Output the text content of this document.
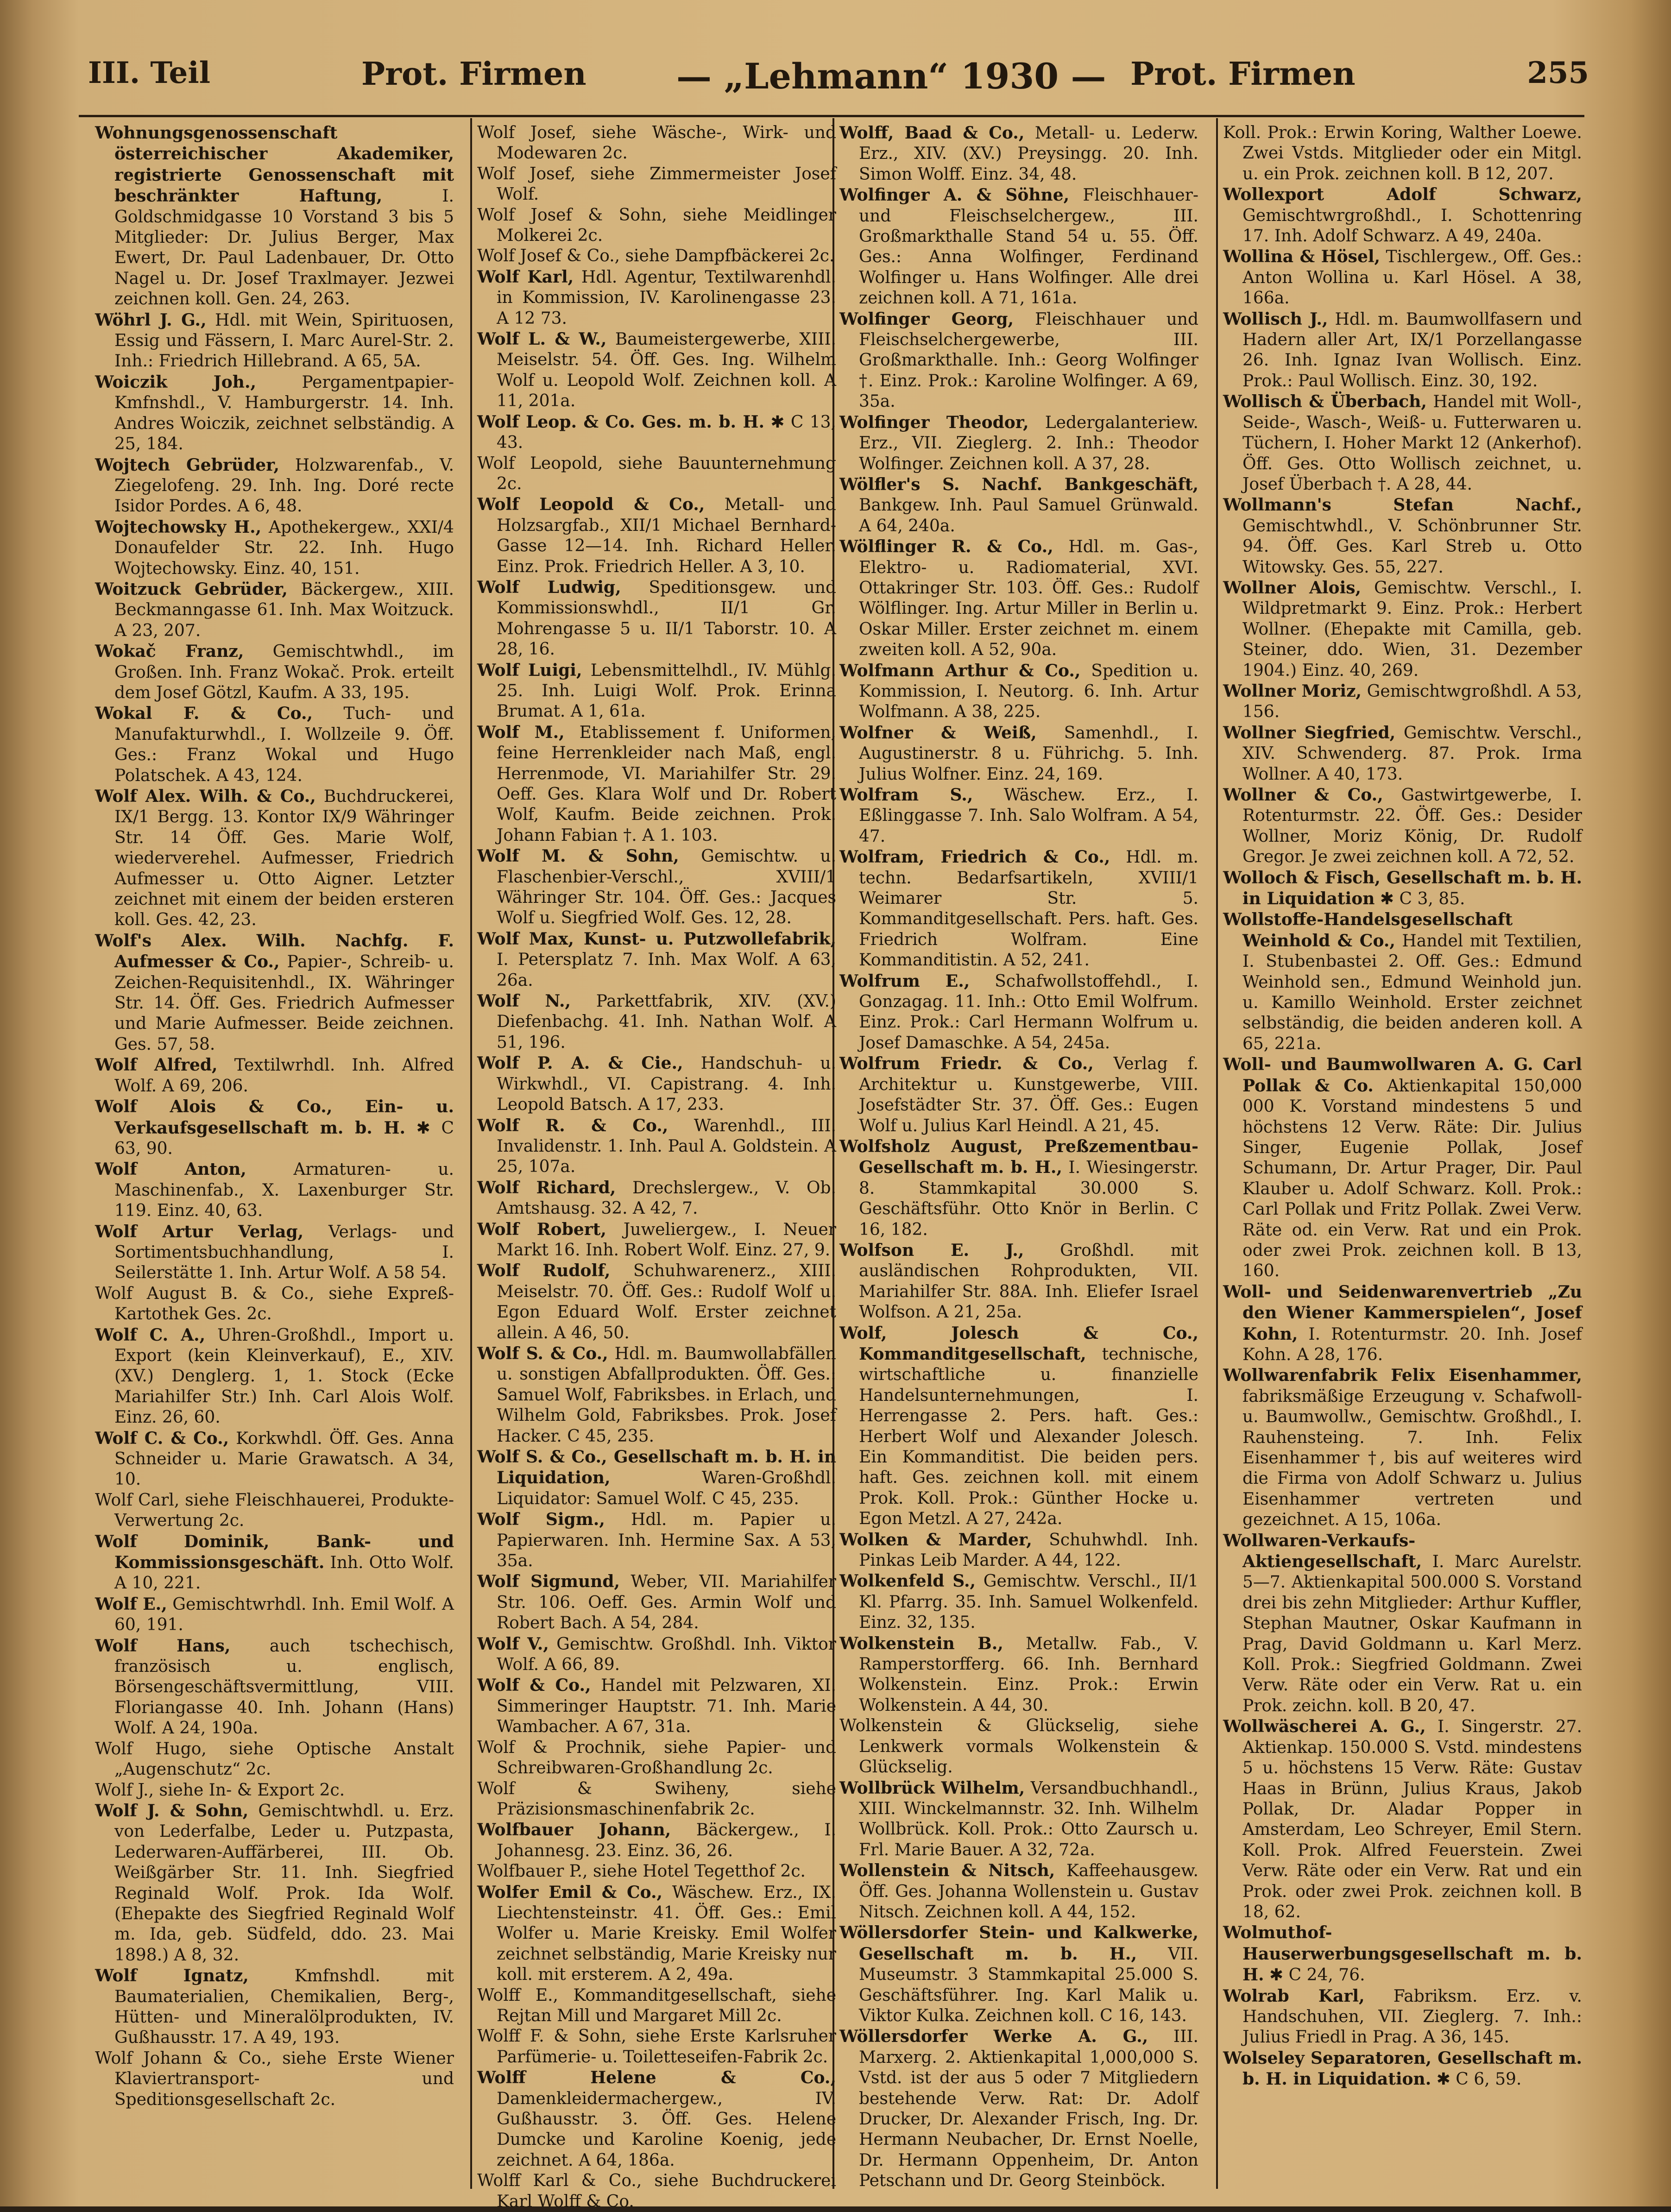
III. Teil	Prot. Firmen	— „Lehmann“ 1930 — Prot. Firmen	255

Wohnungsgenossenschaft österreichischer Akademiker, registrierte Genossenschaft mit beschränkter Haftung,	I. Goldschmidgasse 10 Vorstand 3 bis 5 Mitglieder: Dr. Julius Berger, Max Ewert, Dr. Paul Ladenbauer, Dr. Otto Nagel u. Dr. Josef Traxlmayer. Jezwei zeichnen koll. Gen. 24, 263.

Wöhrl J. G., Hdl. mit Wein, Spirituosen, Essig und Fässern, I. Marc Aurel-Str. 2. Inh.: Friedrich Hillebrand. A 65, 5A.

Woiczik Joh.,	Pergamentpapier-Kmfnshdl., V. Hamburgerstr. 14. Inh. Andres Woiczik, zeichnet selbständig. A 25, 184.

Wojtech Gebrüder, Holzwarenfab., V. Ziegelofeng. 29. Inh. Ing. Doré recte Isidor Pordes. A 6, 48.

Wojtechowsky H., Apothekergew., XXI/4 Donaufelder Str. 22. Inh. Hugo Wojtechowsky. Einz. 40, 151.

Woitzuck Gebrüder, Bäckergew., XIII. Beckmanngasse 61. Inh. Max Woitzuck. A 23, 207.

Wokač Franz, Gemischtwhdl., im Großen. Inh. Franz Wokač. Prok. erteilt dem Josef Götzl, Kaufm. A 33, 195.

Wokal F. & Co., Tuch- und Manufakturwhdl., I. Wollzeile 9. Öff. Ges.: Franz Wokal und Hugo Polatschek. A 43, 124.

Wolf Alex. Wilh. & Co., Buchdruckerei, IX/1 Bergg. 13. Kontor IX/9 Währinger Str. 14 Öff. Ges. Marie Wolf, wiederverehel. Aufmesser, Friedrich Aufmesser u. Otto Aigner. Letzter zeichnet mit einem der beiden ersteren koll. Ges. 42, 23.

Wolf's Alex. Wilh. Nachfg. F. Aufmesser & Co., Papier-, Schreib- u. Zeichen-Requisitenhdl., IX. Währinger Str. 14. Öff. Ges. Friedrich Aufmesser und Marie Aufmesser. Beide zeichnen. Ges. 57, 58.

Wolf Alfred, Textilwrhdl. Inh. Alfred Wolf. A 69, 206.

Wolf Alois & Co., Ein- u. Verkaufsgesellschaft m. b. H. ✱ C 63, 90.

Wolf Anton,	Armaturen- u. Maschinenfab., X. Laxenburger Str. 119. Einz. 40, 63.

Wolf Artur Verlag, Verlags- und Sortimentsbuchhandlung, I. Seilerstätte 1. Inh. Artur Wolf. A 58 54.

Wolf August B. & Co., siehe Expreß-Kartothek Ges. 2c.

Wolf C. A., Uhren-Großhdl., Import u. Export (kein Kleinverkauf), E., XIV. (XV.) Denglerg. 1, 1. Stock (Ecke Mariahilfer Str.) Inh. Carl Alois Wolf. Einz. 26, 60.

Wolf C. & Co., Korkwhdl. Öff. Ges. Anna Schneider u. Marie Grawatsch. A 34, 10.

Wolf Carl, siehe Fleischhauerei, Produkte-Verwertung 2c.

Wolf Dominik, Bank- und Kommissionsgeschäft. Inh. Otto Wolf. A 10, 221.

Wolf E., Gemischtwrhdl. Inh. Emil Wolf. A 60, 191.

Wolf Hans, auch tschechisch, französisch u. englisch, Börsengeschäftsvermittlung, VIII. Floriangasse 40. Inh. Johann (Hans) Wolf. A 24, 190a.

Wolf Hugo, siehe Optische Anstalt „Augenschutz“ 2c.

Wolf J., siehe In- & Export 2c.

Wolf J. & Sohn, Gemischtwhdl. u. Erz. von Lederfalbe, Leder u. Putzpasta, Lederwaren-Auffärberei, III. Ob. Weißgärber Str. 11. Inh. Siegfried Reginald Wolf. Prok. Ida Wolf. (Ehepakte des Siegfried Reginald Wolf m. Ida, geb. Südfeld, ddo. 23. Mai 1898.) A 8, 32.

Wolf Ignatz,	Kmfnshdl. mit Baumaterialien, Chemikalien, Berg-, Hütten- und Mineralölprodukten, IV. Gußhausstr. 17. A 49, 193.

Wolf Johann & Co., siehe Erste Wiener Klaviertransport- und Speditionsgesellschaft 2c.

Wolf Josef, siehe Wäsche-, Wirk- und Modewaren 2c.

Wolf Josef, siehe Zimmermeister Josef Wolf.

Wolf Josef & Sohn, siehe Meidlinger Molkerei 2c.

Wolf Josef & Co., siehe Dampfbäckerei 2c.

Wolf Karl, Hdl. Agentur, Textilwarenhdl. in Kommission, IV. Karolinengasse 23. A 12 73.

Wolf L. & W., Baumeistergewerbe, XIII. Meiselstr. 54. Öff. Ges. Ing. Wilhelm Wolf u. Leopold Wolf. Zeichnen koll. A 11, 201a.

Wolf Leop. & Co. Ges. m. b. H. ✱ C 13, 43.

Wolf Leopold, siehe Bauunternehmung 2c.

Wolf Leopold & Co., Metall- und Holzsargfab., XII/1 Michael Bernhard-Gasse 12—14. Inh. Richard Heller. Einz. Prok. Friedrich Heller. A 3, 10.

Wolf Ludwig, Speditionsgew. und Kommissionswhdl., II/1 Gr. Mohrengasse 5 u. II/1 Taborstr. 10. A 28, 16.

Wolf Luigi, Lebensmittelhdl., IV. Mühlg. 25. Inh. Luigi Wolf. Prok. Erinna Brumat. A 1, 61a.

Wolf M., Etablissement f. Uniformen, feine Herrenkleider nach Maß, engl. Herrenmode, VI. Mariahilfer Str. 29. Oeff. Ges. Klara Wolf und Dr. Robert Wolf, Kaufm. Beide zeichnen. Prok. Johann Fabian †. A 1. 103.

Wolf M. & Sohn, Gemischtw. u. Flaschenbier-Verschl., XVIII/1 Währinger Str. 104. Öff. Ges.: Jacques Wolf u. Siegfried Wolf. Ges. 12, 28.

Wolf Max, Kunst- u. Putzwollefabrik, I. Petersplatz 7. Inh. Max Wolf. A 63, 26a.

Wolf N., Parkettfabrik, XIV. (XV.) Diefenbachg. 41. Inh. Nathan Wolf. A 51, 196.

Wolf P. A. & Cie., Handschuh- u. Wirkwhdl., VI. Capistrang. 4. Inh. Leopold Batsch. A 17, 233.

Wolf R. & Co., Warenhdl., III. Invalidenstr. 1. Inh. Paul A. Goldstein. A 25, 107a.

Wolf Richard, Drechslergew., V. Ob. Amtshausg. 32. A 42, 7.

Wolf Robert, Juweliergew., I. Neuer Markt 16. Inh. Robert Wolf. Einz. 27, 9.

Wolf Rudolf, Schuhwarenerz., XIII. Meiselstr. 70. Öff. Ges.: Rudolf Wolf u. Egon Eduard Wolf. Erster zeichnet allein. A 46, 50.

Wolf S. & Co., Hdl. m. Baumwollabfällen u. sonstigen Abfallprodukten. Öff. Ges.: Samuel Wolf, Fabriksbes. in Erlach, und Wilhelm Gold, Fabriksbes. Prok. Josef Hacker. C 45, 235.

Wolf S. & Co., Gesellschaft m. b. H. in Liquidation,	Waren-Großhdl. Liquidator: Samuel Wolf. C 45, 235.

Wolf Sigm., Hdl. m. Papier u. Papierwaren. Inh. Hermine Sax. A 53, 35a.

Wolf Sigmund, Weber, VII. Mariahilfer Str. 106. Oeff. Ges. Armin Wolf und Robert Bach. A 54, 284.

Wolf V., Gemischtw. Großhdl. Inh. Viktor Wolf. A 66, 89.

Wolf & Co., Handel mit Pelzwaren, XI. Simmeringer Hauptstr. 71. Inh. Marie Wambacher. A 67, 31a.

Wolf & Prochnik, siehe Papier- und Schreibwaren-Großhandlung 2c.

Wolf & Swiheny, siehe Präzisionsmaschinenfabrik 2c.

Wolfbauer Johann, Bäckergew., I. Johannesg. 23. Einz. 36, 26.

Wolfbauer P., siehe Hotel Tegetthof 2c.

Wolfer Emil & Co., Wäschew. Erz., IX. Liechtensteinstr. 41. Öff. Ges.: Emil Wolfer u. Marie Kreisky. Emil Wolfer zeichnet selbständig, Marie Kreisky nur koll. mit ersterem. A 2, 49a.

Wolff E., Kommanditgesellschaft, siehe Rejtan Mill und Margaret Mill 2c.

Wolff F. & Sohn, siehe Erste Karlsruher Parfümerie- u. Toiletteseifen-Fabrik 2c.

Wolff Helene & Co., Damenkleidermachergew., IV. Gußhausstr. 3. Öff. Ges. Helene Dumcke und Karoline Koenig, jede zeichnet. A 64, 186a.

Wolff Karl & Co., siehe Buchdruckerei Karl Wolff & Co.

Wolff, Baad & Co., Metall- u. Lederw. Erz., XIV. (XV.) Preysingg. 20. Inh. Simon Wolff. Einz. 34, 48.

Wolfinger A. & Söhne, Fleischhauer- und Fleischselchergew., III. Großmarkthalle Stand 54 u. 55. Öff. Ges.: Anna Wolfinger, Ferdinand Wolfinger u. Hans Wolfinger. Alle drei zeichnen koll. A 71, 161a.

Wolfinger Georg, Fleischhauer und Fleischselchergewerbe, III. Großmarkthalle. Inh.: Georg Wolfinger †. Einz. Prok.: Karoline Wolfinger. A 69, 35a.

Wolfinger Theodor, Ledergalanteriew. Erz., VII. Zieglerg. 2. Inh.: Theodor Wolfinger. Zeichnen koll. A 37, 28.

Wölfler's S. Nachf. Bankgeschäft, Bankgew. Inh. Paul Samuel Grünwald. A 64, 240a.

Wölflinger R. & Co., Hdl. m. Gas-, Elektro- u. Radiomaterial, XVI. Ottakringer Str. 103. Öff. Ges.: Rudolf Wölflinger. Ing. Artur Miller in Berlin u. Oskar Miller. Erster zeichnet m. einem zweiten koll. A 52, 90a.

Wolfmann Arthur & Co., Spedition u. Kommission, I. Neutorg. 6. Inh. Artur Wolfmann. A 38, 225.

Wolfner & Weiß, Samenhdl., I. Augustinerstr. 8 u. Führichg. 5. Inh. Julius Wolfner. Einz. 24, 169.

Wolfram S., Wäschew. Erz., I. Eßlinggasse 7. Inh. Salo Wolfram. A 54, 47.

Wolfram, Friedrich & Co., Hdl. m. techn. Bedarfsartikeln, XVIII/1 Weimarer Str. 5. Kommanditgesellschaft. Pers. haft. Ges. Friedrich Wolfram. Eine Kommanditistin. A 52, 241.

Wolfrum E., Schafwollstoffehdl., I. Gonzagag. 11. Inh.: Otto Emil Wolfrum. Einz. Prok.: Carl Hermann Wolfrum u. Josef Damaschke. A 54, 245a.

Wolfrum Friedr. & Co., Verlag f. Architektur u. Kunstgewerbe, VIII. Josefstädter Str. 37. Öff. Ges.: Eugen Wolf u. Julius Karl Heindl. A 21, 45.

Wolfsholz August, Preßzementbau-Gesellschaft m. b. H., I. Wiesingerstr. 8. Stammkapital 30.000 S. Geschäftsführ. Otto Knör in Berlin. C 16, 182.

Wolfson E. J., Großhdl. mit ausländischen Rohprodukten, VII. Mariahilfer Str. 88A. Inh. Eliefer Israel Wolfson. A 21, 25a.

Wolf, Jolesch & Co., Kommanditgesellschaft, technische, wirtschaftliche u. finanzielle Handelsunternehmungen, I. Herrengasse 2. Pers. haft. Ges.: Herbert Wolf und Alexander Jolesch. Ein Kommanditist. Die beiden pers. haft. Ges. zeichnen koll. mit einem Prok. Koll. Prok.: Günther Hocke u. Egon Metzl. A 27, 242a.

Wolken & Marder, Schuhwhdl. Inh. Pinkas Leib Marder. A 44, 122.

Wolkenfeld S., Gemischtw. Verschl., II/1 Kl. Pfarrg. 35. Inh. Samuel Wolkenfeld. Einz. 32, 135.

Wolkenstein B., Metallw. Fab., V. Ramperstorfferg. 66. Inh. Bernhard Wolkenstein. Einz. Prok.: Erwin Wolkenstein. A 44, 30.

Wolkenstein & Glückselig, siehe Lenkwerk vormals Wolkenstein & Glückselig.

Wollbrück Wilhelm, Versandbuchhandl., XIII. Winckelmannstr. 32. Inh. Wilhelm Wollbrück. Koll. Prok.: Otto Zaursch u. Frl. Marie Bauer. A 32, 72a.

Wollenstein & Nitsch, Kaffeehausgew. Öff. Ges. Johanna Wollenstein u. Gustav Nitsch. Zeichnen koll. A 44, 152.

Wöllersdorfer Stein- und Kalkwerke, Gesellschaft m. b. H., VII. Museumstr. 3 Stammkapital 25.000 S. Geschäftsführer. Ing. Karl Malik u. Viktor Kulka. Zeichnen koll. C 16, 143.

Wöllersdorfer Werke A. G., III. Marxerg. 2. Aktienkapital 1,000,000 S. Vstd. ist der aus 5 oder 7 Mitgliedern bestehende Verw. Rat: Dr. Adolf Drucker, Dr. Alexander Frisch, Ing. Dr. Hermann Neubacher, Dr. Ernst Noelle, Dr. Hermann Oppenheim, Dr. Anton Petschann und Dr. Georg Steinböck.

Koll. Prok.: Erwin Koring, Walther Loewe. Zwei Vstds. Mitglieder oder ein Mitgl. u. ein Prok. zeichnen koll. B 12, 207.

Wollexport Adolf Schwarz, Gemischtwrgroßhdl., I. Schottenring 17. Inh. Adolf Schwarz. A 49, 240a.

Wollina & Hösel, Tischlergew., Off. Ges.: Anton Wollina u. Karl Hösel. A 38, 166a.

Wollisch J., Hdl. m. Baumwollfasern und Hadern aller Art, IX/1 Porzellangasse 26. Inh. Ignaz Ivan Wollisch. Einz. Prok.: Paul Wollisch. Einz. 30, 192.

Wollisch & Überbach, Handel mit Woll-, Seide-, Wasch-, Weiß- u. Futterwaren u. Tüchern, I. Hoher Markt 12 (Ankerhof). Öff. Ges. Otto Wollisch zeichnet, u. Josef Überbach †. A 28, 44.

Wollmann's Stefan Nachf., Gemischtwhdl., V. Schönbrunner Str. 94. Öff. Ges. Karl Streb u. Otto Witowsky. Ges. 55, 227.

Wollner Alois, Gemischtw. Verschl., I. Wildpretmarkt 9. Einz. Prok.: Herbert Wollner. (Ehepakte mit Camilla, geb. Steiner, ddo. Wien, 31. Dezember 1904.) Einz. 40, 269.

Wollner Moriz, Gemischtwgroßhdl. A 53, 156.

Wollner Siegfried, Gemischtw. Verschl., XIV. Schwenderg. 87. Prok. Irma Wollner. A 40, 173.

Wollner & Co., Gastwirtgewerbe, I. Rotenturmstr. 22. Öff. Ges.: Desider Wollner, Moriz König, Dr. Rudolf Gregor. Je zwei zeichnen koll. A 72, 52.

Wolloch & Fisch, Gesellschaft m. b. H. in Liquidation ✱ C 3, 85.

Wollstoffe-Handelsgesellschaft Weinhold & Co., Handel mit Textilien, I. Stubenbastei 2. Off. Ges.: Edmund Weinhold sen., Edmund Weinhold jun. u. Kamillo Weinhold. Erster zeichnet selbständig, die beiden anderen koll. A 65, 221a.

Woll- und Baumwollwaren A. G. Carl Pollak & Co. Aktienkapital 150,000 000 K. Vorstand mindestens 5 und höchstens 12 Verw. Räte: Dir. Julius Singer, Eugenie Pollak, Josef Schumann, Dr. Artur Prager, Dir. Paul Klauber u. Adolf Schwarz. Koll. Prok.: Carl Pollak und Fritz Pollak. Zwei Verw. Räte od. ein Verw. Rat und ein Prok. oder zwei Prok. zeichnen koll. B 13, 160.

Woll- und Seidenwarenvertrieb „Zu den Wiener Kammerspielen“, Josef Kohn, I. Rotenturmstr. 20. Inh. Josef Kohn. A 28, 176.

Wollwarenfabrik Felix Eisenhammer, fabriksmäßige Erzeugung v. Schafwoll- u. Baumwollw., Gemischtw. Großhdl., I. Rauhensteing. 7. Inh. Felix Eisenhammer †, bis auf weiteres wird die Firma von Adolf Schwarz u. Julius Eisenhammer vertreten und gezeichnet. A 15, 106a.

Wollwaren-Verkaufs-Aktiengesellschaft, I. Marc Aurelstr. 5—7. Aktienkapital 500.000 S. Vorstand drei bis zehn Mitglieder: Arthur Kuffler, Stephan Mautner, Oskar Kaufmann in Prag, David Goldmann u. Karl Merz. Koll. Prok.: Siegfried Goldmann. Zwei Verw. Räte oder ein Verw. Rat u. ein Prok. zeichn. koll. B 20, 47.

Wollwäscherei A. G., I. Singerstr. 27. Aktienkap. 150.000 S. Vstd. mindestens 5 u. höchstens 15 Verw. Räte: Gustav Haas in Brünn, Julius Kraus, Jakob Pollak, Dr. Aladar Popper in Amsterdam, Leo Schreyer, Emil Stern. Koll. Prok. Alfred Feuerstein. Zwei Verw. Räte oder ein Verw. Rat und ein Prok. oder zwei Prok. zeichnen koll. B 18, 62.

Wolmuthof-Hauserwerbungsgesellschaft m. b. H. ✱ C 24, 76.

Wolrab Karl, Fabriksm. Erz. v. Handschuhen, VII. Zieglerg. 7. Inh.: Julius Friedl in Prag. A 36, 145.

Wolseley Separatoren, Gesellschaft m. b. H. in Liquidation. ✱ C 6, 59.
